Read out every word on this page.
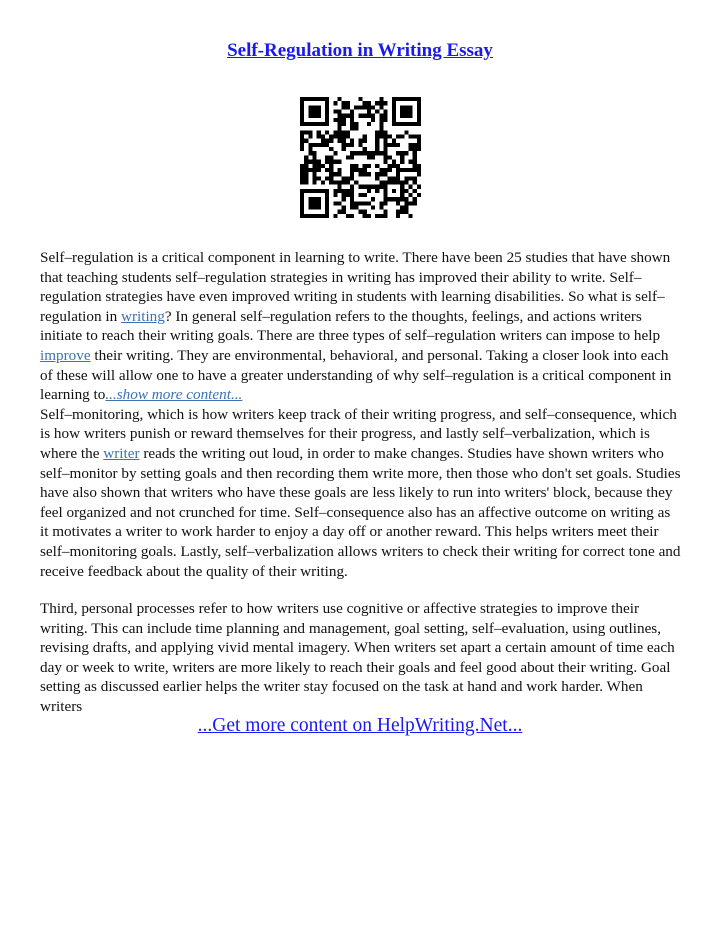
Self-Regulation in Writing Essay

Self–regulation is a critical component in learning to write. There have been 25 studies that have shown that teaching students self–regulation strategies in writing has improved their ability to write. Self–regulation strategies have even improved writing in students with learning disabilities. So what is self–regulation in writing? In general self–regulation refers to the thoughts, feelings, and actions writers initiate to reach their writing goals. There are three types of self–regulation writers can impose to help improve their writing. They are environmental, behavioral, and personal. Taking a closer look into each of these will allow one to have a greater understanding of why self–regulation is a critical component in learning to...show more content...

Self–monitoring, which is how writers keep track of their writing progress, and self–consequence, which is how writers punish or reward themselves for their progress, and lastly self–verbalization, which is where the writer reads the writing out loud, in order to make changes. Studies have shown writers who self–monitor by setting goals and then recording them write more, then those who don't set goals. Studies have also shown that writers who have these goals are less likely to run into writers' block, because they feel organized and not crunched for time. Self–consequence also has an affective outcome on writing as it motivates a writer to work harder to enjoy a day off or another reward. This helps writers meet their self–monitoring goals. Lastly, self–verbalization allows writers to check their writing for correct tone and receive feedback about the quality of their writing.

Third, personal processes refer to how writers use cognitive or affective strategies to improve their writing. This can include time planning and management, goal setting, self–evaluation, using outlines, revising drafts, and applying vivid mental imagery. When writers set apart a certain amount of time each day or week to write, writers are more likely to reach their goals and feel good about their writing. Goal setting as discussed earlier helps the writer stay focused on the task at hand and work harder. When writers

...Get more content on HelpWriting.Net...
